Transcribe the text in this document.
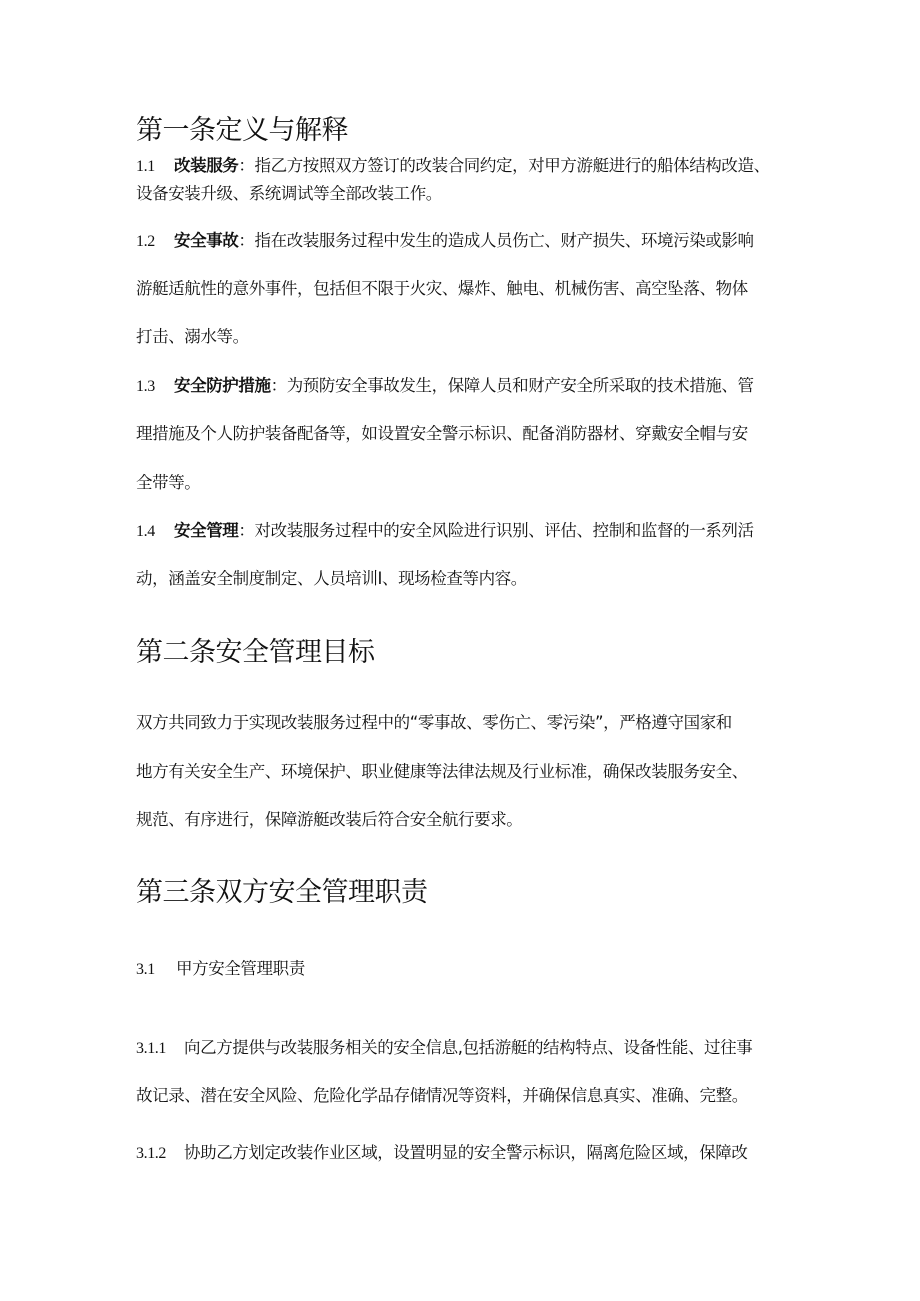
第一条定义与解释
1.1 改装服务：指乙方按照双方签订的改装合同约定，对甲方游艇进行的船体结构改造、
设备安装升级、系统调试等全部改装工作。
1.2 安全事故：指在改装服务过程中发生的造成人员伤亡、财产损失、环境污染或影响
游艇适航性的意外事件，包括但不限于火灾、爆炸、触电、机械伤害、高空坠落、物体
打击、溺水等。
1.3 安全防护措施：为预防安全事故发生，保障人员和财产安全所采取的技术措施、管
理措施及个人防护装备配备等，如设置安全警示标识、配备消防器材、穿戴安全帽与安
全带等。
1.4 安全管理：对改装服务过程中的安全风险进行识别、评估、控制和监督的一系列活
动，涵盖安全制度制定、人员培训I、现场检查等内容。
第二条安全管理目标
双方共同致力于实现改装服务过程中的“零事故、零伤亡、零污染”，严格遵守国家和
地方有关安全生产、环境保护、职业健康等法律法规及行业标准，确保改装服务安全、
规范、有序进行，保障游艇改装后符合安全航行要求。
第三条双方安全管理职责
3.1 甲方安全管理职责
3.1.1 向乙方提供与改装服务相关的安全信息,包括游艇的结构特点、设备性能、过往事
故记录、潜在安全风险、危险化学品存储情况等资料，并确保信息真实、准确、完整。
3.1.2 协助乙方划定改装作业区域，设置明显的安全警示标识，隔离危险区域，保障改
